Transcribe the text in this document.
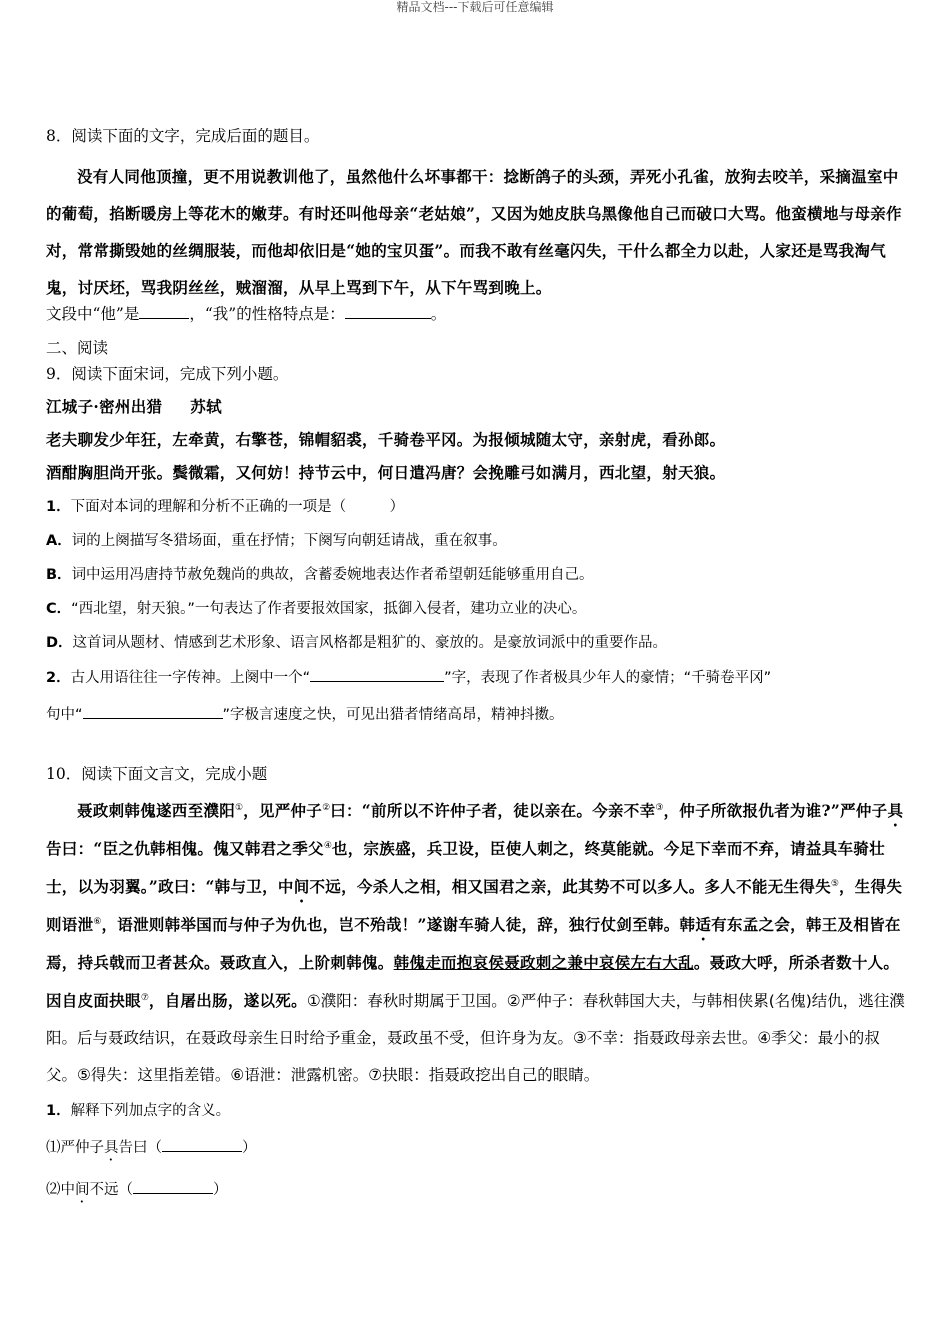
精品文档---下载后可任意编辑

8．阅读下面的文字，完成后面的题目。

没有人同他顶撞，更不用说教训他了，虽然他什么坏事都干：捻断鸽子的头颈，弄死小孔雀，放狗去咬羊，采摘温室中的葡萄，掐断暖房上等花木的嫩芽。有时还叫他母亲“老姑娘”，又因为她皮肤乌黑像他自己而破口大骂。他蛮横地与母亲作对，常常撕毁她的丝绸服装，而他却依旧是“她的宝贝蛋”。而我不敢有丝毫闪失，干什么都全力以赴，人家还是骂我淘气鬼，讨厌坯，骂我阴丝丝，贼溜溜，从早上骂到下午，从下午骂到晚上。

文段中“他”是	，“我”的性格特点是：	。

二、阅读

9．阅读下面宋词，完成下列小题。

江城子·密州出猎 苏轼

老夫聊发少年狂，左牵黄，右擎苍，锦帽貂裘，千骑卷平冈。为报倾城随太守，亲射虎，看孙郎。

酒酣胸胆尚开张。鬓微霜，又何妨！持节云中，何日遣冯唐？会挽雕弓如满月，西北望，射天狼。

1．下面对本词的理解和分析不正确的一项是（　　　）

A．词的上阕描写冬猎场面，重在抒情；下阕写向朝廷请战，重在叙事。

B．词中运用冯唐持节赦免魏尚的典故，含蓄委婉地表达作者希望朝廷能够重用自己。

C．“西北望，射天狼。”一句表达了作者要报效国家，抵御入侵者，建功立业的决心。

D．这首词从题材、情感到艺术形象、语言风格都是粗犷的、豪放的。是豪放词派中的重要作品。

2．古人用语往往一字传神。上阕中一个“	”字，表现了作者极具少年人的豪情；“千骑卷平冈”

句中“	”字极言速度之快，可见出猎者情绪高昂，精神抖擞。

10．阅读下面文言文，完成小题

聂政刺韩傀遂西至濮阳①，见严仲子②曰：“前所以不许仲子者，徒以亲在。今亲不幸③，仲子所欲报仇者为谁?”严仲子具告曰：“臣之仇韩相傀。傀又韩君之季父④也，宗族盛，兵卫设，臣使人刺之，终莫能就。今足下幸而不弃，请益具车骑壮士，以为羽翼。”政曰：“韩与卫，中间不远，今杀人之相，相又国君之亲，此其势不可以多人。多人不能无生得失⑤，生得失则语泄⑥，语泄则韩举国而与仲子为仇也，岂不殆哉！”遂谢车骑人徒，辞，独行仗剑至韩。韩适有东孟之会，韩王及相皆在焉，持兵戟而卫者甚众。聂政直入，上阶刺韩傀。韩傀走而抱哀侯聂政刺之兼中哀侯左右大乱。聂政大呼，所杀者数十人。因自皮面抉眼⑦，自屠出肠，遂以死。①濮阳：春秋时期属于卫国。②严仲子：春秋韩国大夫，与韩相侠累(名傀)结仇，逃往濮阳。后与聂政结识，在聂政母亲生日时给予重金，聂政虽不受，但许身为友。③不幸：指聂政母亲去世。④季父：最小的叔父。⑤得失：这里指差错。⑥语泄：泄露机密。⑦抉眼：指聂政挖出自己的眼睛。

1．解释下列加点字的含义。

⑴严仲子具告曰（	）

⑵中间不远（	）
